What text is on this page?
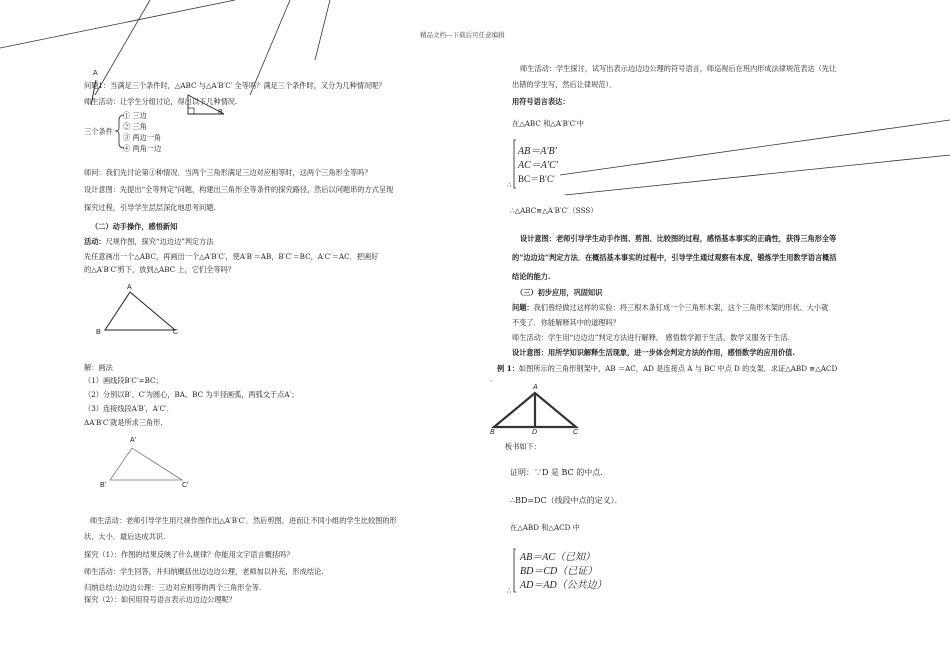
精品文档---下载后可任意编辑
A
B
问题1：当满足三个条件时，△ABC 与△A′B′C′ 全等吗？满足三个条件时，又分为几种情况呢？
师生活动：让学生分组讨论，得出以下几种情况.
三个条件
① 三边
② 三角
③ 两边一角
④ 两角一边
师问：我们先讨论第①种情况．当两个三角形满足三边对应相等时，这两个三角形全等吗？
设计意图：先提出“全等判定”问题，构建出三角形全等条件的探究路径，然后以问题串的方式呈现
探究过程，引导学生层层深化地思考问题.
（二）动手操作，感悟新知
活动：尺规作图，探究“边边边”判定方法
先任意画出一个△ABC，再画出一个△A′B′C′，使A′B′＝AB，B′C′＝BC，A′C′＝AC．把画好
的△A′B′C′剪下，放到△ABC 上，它们全等吗？
A
B	C
解：画法
（1）画线段B′C′=BC；
（2）分别以B′、C′为圆心，BA、BC 为半径画弧，两弧交于点A′；
（3）连接线段A′B′，A′C′．
ΔA′B′C′就是所求三角形.
A′
B′	C′
师生活动：老师引导学生用尺规作图作出△A′B′C′．然后剪图，进而让不同小组的学生比较图的形
状、大小．最后达成共识.
探究（1）：作图的结果反映了什么规律？你能用文字语言概括吗？
师生活动：学生回答，并归纳概括出边边边公理，老师加以补充，形成结论.
归纳总结:边边边公理：三边对应相等的两个三角形全等.
探究（2）：如何用符号语言表示边边边公理呢？
师生活动：学生探讨，试写出表示边边边公理的符号语言，师巡视后在班内形成法律规范表达（先让
出错的学生写，然后让律规范）．
用符号语言表达：
在△ABC 和△A′B′C′中
AB＝A′B′
AC＝A′C′
BC＝B′C′
∴
∴△ABC≌△A′B′C′（SSS）
设计意图：老师引导学生动手作图、剪图、比较图的过程，感悟基本事实的正确性，获得三角形全等
的“边边边”判定方法．在概括基本事实的过程中，引导学生通过观察有本度，锻炼学生用数学语言概括
结论的能力.
（三）初步应用，巩固知识
问题：我们曾经做过这样的实验：将三根木条钉成一个三角形木架，这个三角形木架的形状、大小就
不变了．你能解释其中的道理吗？
师生活动：学生用“边边边”判定方法进行解释， 感悟数学源于生活，数学又服务于生活.
设计意图：用所学知识解释生活现象，进一步体会判定方法的作用，感悟数学的应用价值.
例 1：如图所示的三角形钢架中，AB ＝AC，AD 是连接点 A 与 BC 中点 D 的支架．求证△ABD ≌△ACD
．
A
B	D	C
板书如下：
证明：∵D 是 BC 的中点．
∴BD=DC（线段中点的定义）．
在△ABD 和△ACD 中
AB＝AC（已知）
BD＝CD（已证）
AD＝AD（公共边）
∴
